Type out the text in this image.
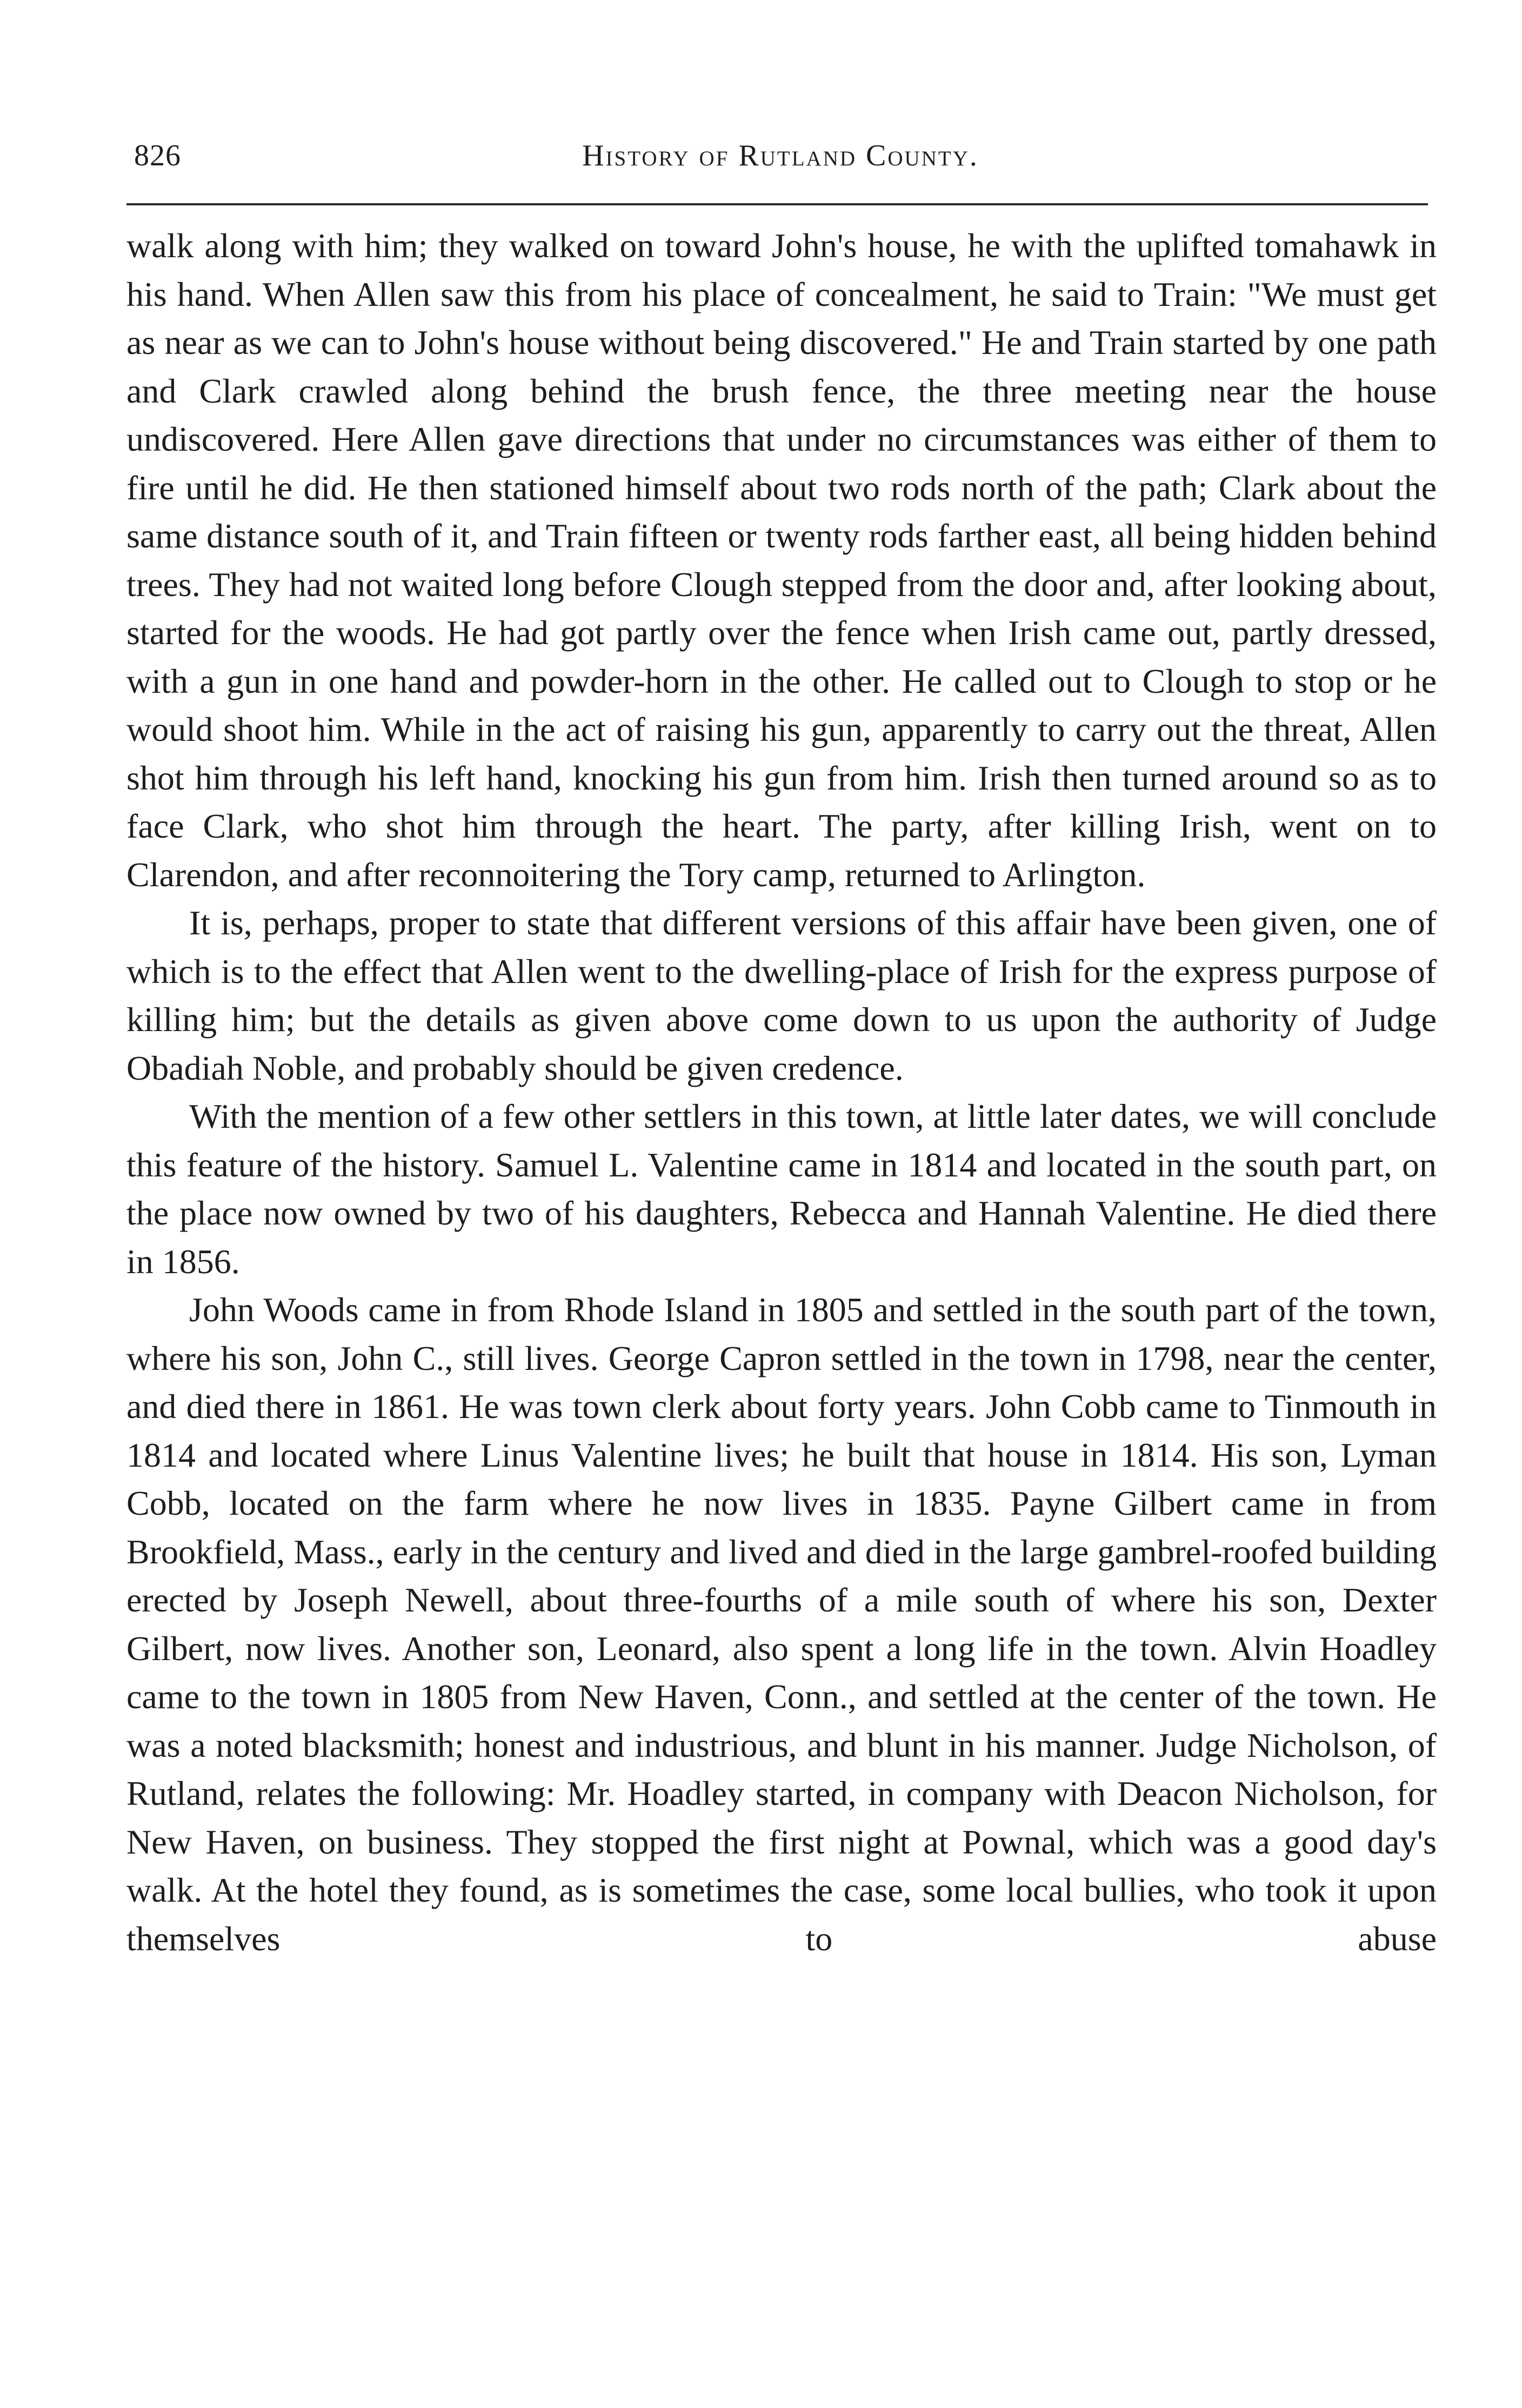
826	History of Rutland County.

walk along with him; they walked on toward John's house, he with the uplifted tomahawk in his hand. When Allen saw this from his place of concealment, he said to Train: "We must get as near as we can to John's house without being discovered." He and Train started by one path and Clark crawled along behind the brush fence, the three meeting near the house undiscovered. Here Allen gave directions that under no circumstances was either of them to fire until he did. He then stationed himself about two rods north of the path; Clark about the same distance south of it, and Train fifteen or twenty rods farther east, all being hidden behind trees. They had not waited long before Clough stepped from the door and, after looking about, started for the woods. He had got partly over the fence when Irish came out, partly dressed, with a gun in one hand and powder-horn in the other. He called out to Clough to stop or he would shoot him. While in the act of raising his gun, apparently to carry out the threat, Allen shot him through his left hand, knocking his gun from him. Irish then turned around so as to face Clark, who shot him through the heart. The party, after killing Irish, went on to Clarendon, and after reconnoitering the Tory camp, returned to Arlington.

It is, perhaps, proper to state that different versions of this affair have been given, one of which is to the effect that Allen went to the dwelling-place of Irish for the express purpose of killing him; but the details as given above come down to us upon the authority of Judge Obadiah Noble, and probably should be given credence.

With the mention of a few other settlers in this town, at little later dates, we will conclude this feature of the history. Samuel L. Valentine came in 1814 and located in the south part, on the place now owned by two of his daughters, Rebecca and Hannah Valentine. He died there in 1856.

John Woods came in from Rhode Island in 1805 and settled in the south part of the town, where his son, John C., still lives. George Capron settled in the town in 1798, near the center, and died there in 1861. He was town clerk about forty years. John Cobb came to Tinmouth in 1814 and located where Linus Valentine lives; he built that house in 1814. His son, Lyman Cobb, located on the farm where he now lives in 1835. Payne Gilbert came in from Brookfield, Mass., early in the century and lived and died in the large gambrel-roofed building erected by Joseph Newell, about three-fourths of a mile south of where his son, Dexter Gilbert, now lives. Another son, Leonard, also spent a long life in the town. Alvin Hoadley came to the town in 1805 from New Haven, Conn., and settled at the center of the town. He was a noted blacksmith; honest and industrious, and blunt in his manner. Judge Nicholson, of Rutland, relates the following: Mr. Hoadley started, in company with Deacon Nicholson, for New Haven, on business. They stopped the first night at Pownal, which was a good day's walk. At the hotel they found, as is sometimes the case, some local bullies, who took it upon themselves to abuse
